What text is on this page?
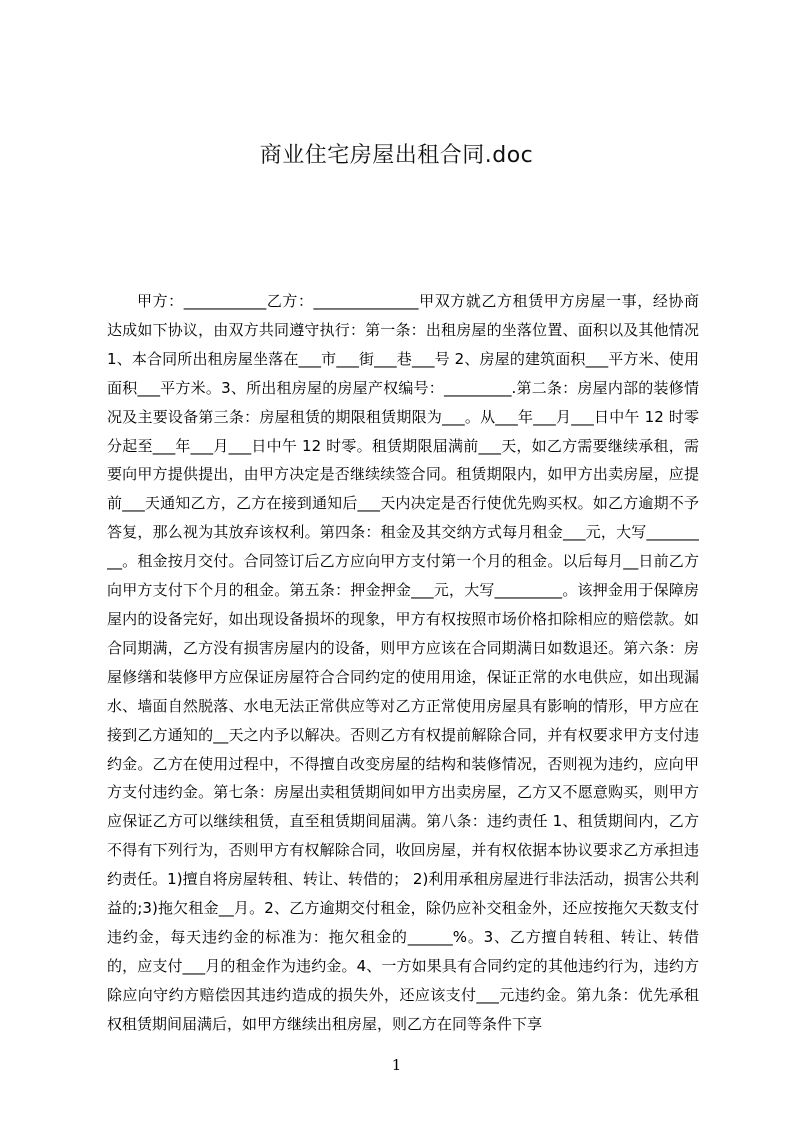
商业住宅房屋出租合同.doc

甲方：___________乙方：______________甲双方就乙方租赁甲方房屋一事，经协商达成如下协议，由双方共同遵守执行：第一条：出租房屋的坐落位置、面积以及其他情况 1、本合同所出租房屋坐落在___市___街___巷___号 2、房屋的建筑面积___平方米、使用面积___平方米。3、所出租房屋的房屋产权编号：_________.第二条：房屋内部的装修情况及主要设备第三条：房屋租赁的期限租赁期限为___。从___年___月___日中午 12 时零分起至___年___月___日中午 12 时零。租赁期限届满前___天，如乙方需要继续承租，需要向甲方提供提出，由甲方决定是否继续续签合同。租赁期限内，如甲方出卖房屋，应提前___天通知乙方，乙方在接到通知后___天内决定是否行使优先购买权。如乙方逾期不予答复，那么视为其放弃该权利。第四条：租金及其交纳方式每月租金___元，大写_________。租金按月交付。合同签订后乙方应向甲方支付第一个月的租金。以后每月__日前乙方向甲方支付下个月的租金。第五条：押金押金___元，大写_________。该押金用于保障房屋内的设备完好，如出现设备损坏的现象，甲方有权按照市场价格扣除相应的赔偿款。如合同期满，乙方没有损害房屋内的设备，则甲方应该在合同期满日如数退还。第六条：房屋修缮和装修甲方应保证房屋符合合同约定的使用用途，保证正常的水电供应，如出现漏水、墙面自然脱落、水电无法正常供应等对乙方正常使用房屋具有影响的情形，甲方应在接到乙方通知的__天之内予以解决。否则乙方有权提前解除合同，并有权要求甲方支付违约金。乙方在使用过程中，不得擅自改变房屋的结构和装修情况，否则视为违约，应向甲方支付违约金。第七条：房屋出卖租赁期间如甲方出卖房屋，乙方又不愿意购买，则甲方应保证乙方可以继续租赁，直至租赁期间届满。第八条：违约责任 1、租赁期间内，乙方不得有下列行为，否则甲方有权解除合同，收回房屋，并有权依据本协议要求乙方承担违约责任。1)擅自将房屋转租、转让、转借的； 2)利用承租房屋进行非法活动，损害公共利益的;3)拖欠租金__月。2、乙方逾期交付租金，除仍应补交租金外，还应按拖欠天数支付违约金，每天违约金的标准为：拖欠租金的______%。3、乙方擅自转租、转让、转借的，应支付___月的租金作为违约金。4、一方如果具有合同约定的其他违约行为，违约方除应向守约方赔偿因其违约造成的损失外，还应该支付___元违约金。第九条：优先承租权租赁期间届满后，如甲方继续出租房屋，则乙方在同等条件下享

1
